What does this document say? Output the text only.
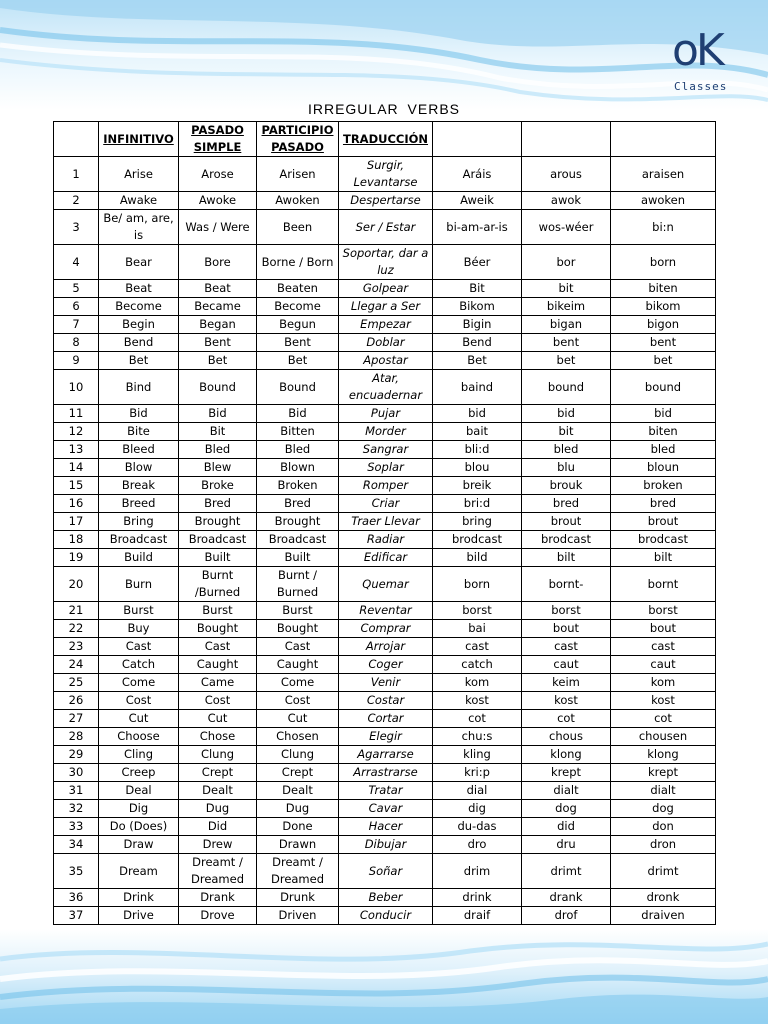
oK
Classes
IRREGULAR VERBS
	INFINITIVO	PASADO SIMPLE	PARTICIPIO PASADO	TRADUCCIÓN			
1	Arise	Arose	Arisen	Surgir, Levantarse	Aráis	arous	araisen
2	Awake	Awoke	Awoken	Despertarse	Aweik	awok	awoken
3	Be/ am, are, is	Was / Were	Been	Ser / Estar	bi-am-ar-is	wos-wéer	bi:n
4	Bear	Bore	Borne / Born	Soportar, dar a luz	Béer	bor	born
5	Beat	Beat	Beaten	Golpear	Bit	bit	biten
6	Become	Became	Become	Llegar a Ser	Bikom	bikeim	bikom
7	Begin	Began	Begun	Empezar	Bigin	bigan	bigon
8	Bend	Bent	Bent	Doblar	Bend	bent	bent
9	Bet	Bet	Bet	Apostar	Bet	bet	bet
10	Bind	Bound	Bound	Atar, encuadernar	baind	bound	bound
11	Bid	Bid	Bid	Pujar	bid	bid	bid
12	Bite	Bit	Bitten	Morder	bait	bit	biten
13	Bleed	Bled	Bled	Sangrar	bli:d	bled	bled
14	Blow	Blew	Blown	Soplar	blou	blu	bloun
15	Break	Broke	Broken	Romper	breik	brouk	broken
16	Breed	Bred	Bred	Criar	bri:d	bred	bred
17	Bring	Brought	Brought	Traer Llevar	bring	brout	brout
18	Broadcast	Broadcast	Broadcast	Radiar	brodcast	brodcast	brodcast
19	Build	Built	Built	Edificar	bild	bilt	bilt
20	Burn	Burnt /Burned	Burnt / Burned	Quemar	born	bornt-	bornt
21	Burst	Burst	Burst	Reventar	borst	borst	borst
22	Buy	Bought	Bought	Comprar	bai	bout	bout
23	Cast	Cast	Cast	Arrojar	cast	cast	cast
24	Catch	Caught	Caught	Coger	catch	caut	caut
25	Come	Came	Come	Venir	kom	keim	kom
26	Cost	Cost	Cost	Costar	kost	kost	kost
27	Cut	Cut	Cut	Cortar	cot	cot	cot
28	Choose	Chose	Chosen	Elegir	chu:s	chous	chousen
29	Cling	Clung	Clung	Agarrarse	kling	klong	klong
30	Creep	Crept	Crept	Arrastrarse	kri:p	krept	krept
31	Deal	Dealt	Dealt	Tratar	dial	dialt	dialt
32	Dig	Dug	Dug	Cavar	dig	dog	dog
33	Do (Does)	Did	Done	Hacer	du-das	did	don
34	Draw	Drew	Drawn	Dibujar	dro	dru	dron
35	Dream	Dreamt / Dreamed	Dreamt / Dreamed	Soñar	drim	drimt	drimt
36	Drink	Drank	Drunk	Beber	drink	drank	dronk
37	Drive	Drove	Driven	Conducir	draif	drof	draiven
